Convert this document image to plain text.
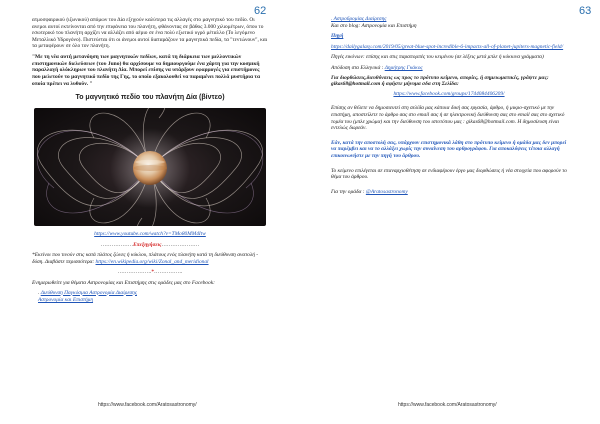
62

ατμοσφαιρικού (ιζωνικού) απόμων του Δία εξηγούν καλύτερα τις αλλαγές στο μαγνητικό του πεδίο. Οι ανεμοι αυτοί εκτείνονται από την επιφάνεια του πλανήτη, φθάνοντας σε βάθος 3.000 χιλιομέτρων, όπου το εσωτερικό του πλανήτη αρχίζει να αλλάζει από αέριο σε ένα πολύ εξωτικό υγρό μέταλλο (Το λεγόμενο Μεταλλικό Υδρογόνο). Πιστεύεται ότι οι άνεμοι αυτοί διαταράζουν τα μαγνητικά πεδία, τα "τεντώνουν", και τα μεταφέρουν σε όλο τον πλανήτη.

"Με τη νέα αυτή μετανόηση των μαγνητικών πεδίων, κατά τη διάρκεια των μελλοντικών επιστημονικών διελεύσεων (του Juno) θα αρχίσουμε να δημιουργούμε ένα χάρτη για την κοσμική παραλλαγή ολόκληρων του πλανήτη Δία. Μπορεί επίσης να υπάρξουν εφαρμογές για επιστήμονες που μελετούν το μαγνητικό πεδίο της Γης, το οποίο εξακολουθεί να παραμένει πολλά μυστήρια τα οποία πρέπει να λυθούν. "

Το μαγνητικό πεδίο του πλανήτη Δία (βίντεο)

https://www.youtube.com/watch?v=TMo80MM4Itw

………………Επεξηγήσεις…………………

*Εκείνοι που τινούν στις κατά πλάτος ζώνες ή κύκλου, πλάτους ενός πλανήτη κατά τη διεύθυνση ανατολή - δύση. Διαβάστε περισσότερα: https://en.wikipedia.org/wiki/Zonal_and_meridional

……………….*…………….

Ενημερωθείτε για θέματα Αστρονομίας και Επιστήμης στις ομάδες μας στο Facebook:

. Διεύθυνση Παγκόσμια Αστρονομία Διαίρεσης
Αστρονομία και Επιστήμη
https://www.facebook.com/Aratosastronomy/
63

. Αστρο6ρομίας Διαίρεσης
Και στο blog: Αστρονομία και Επιστήμη

Πηγή

https://dailygalaxy.com/2019/05/great-blue-spot-incredible-6-impacts-all-of-planet-jupiters-magnetic-field/

Πηγές εικόνων: επίσης και στις παραπομπές του κειμένου (σε λέξεις μετά μπλε ή κόκκινα γράμματα)

Απόδοση στα Ελληνικά : Δημήτρης Γκάκος

Για διορθώσεις,διευθύνσεις ως προς το πρότυπο κείμενο, απορίες, ή σημειωματικές, γράψτε μας: gikas68@hotmail.com ή αφήστε μήνυμα σδα στη Σελίδα:

https://www.facebook.com/groups/1744084406209/

Επίσης αν θέλετε να δημοσιευτεί στη σελίδα μας κάποια δική σας εργασία, άρθρο, ή μικρο-σχετικό με την επιστήμη, αποστείλετε το άρθρο σας στο email σας ή σε ηλεκτρονική διεύθυνση σας στο email σας στο σχετικό τομέα του (μπλε χρώμα) και την διεύθυνση του ιστοτόπου μας : gikas68@hotmail.com. Η δημοσίευση είναι εντελώς δωρεάν.

Εάν, κατά την αποστολή σας, υπάρχουν επιστημονικά λάθη στο πρότυπο κείμενο ή ομάδα μας δεν μπορεί να παρέμβει και να το αλλάξει χωρίς την συναίνεση του αρθρογράφου. Για αποκαλύψεις τέτοια αλλαγή επικοινωνήστε με την πηγή του άρθρου.

Το κείμενο επιλέγεται σε επαναρχιοθέτηση σε ενδιαφέρουν έργο μας διορθώσεις ή νέα στοιχεία που αφορούν το θέμα του άρθρου.

Για την ομάδα : @Aratosastronomy

https://www.facebook.com/Aratosastronomy/
